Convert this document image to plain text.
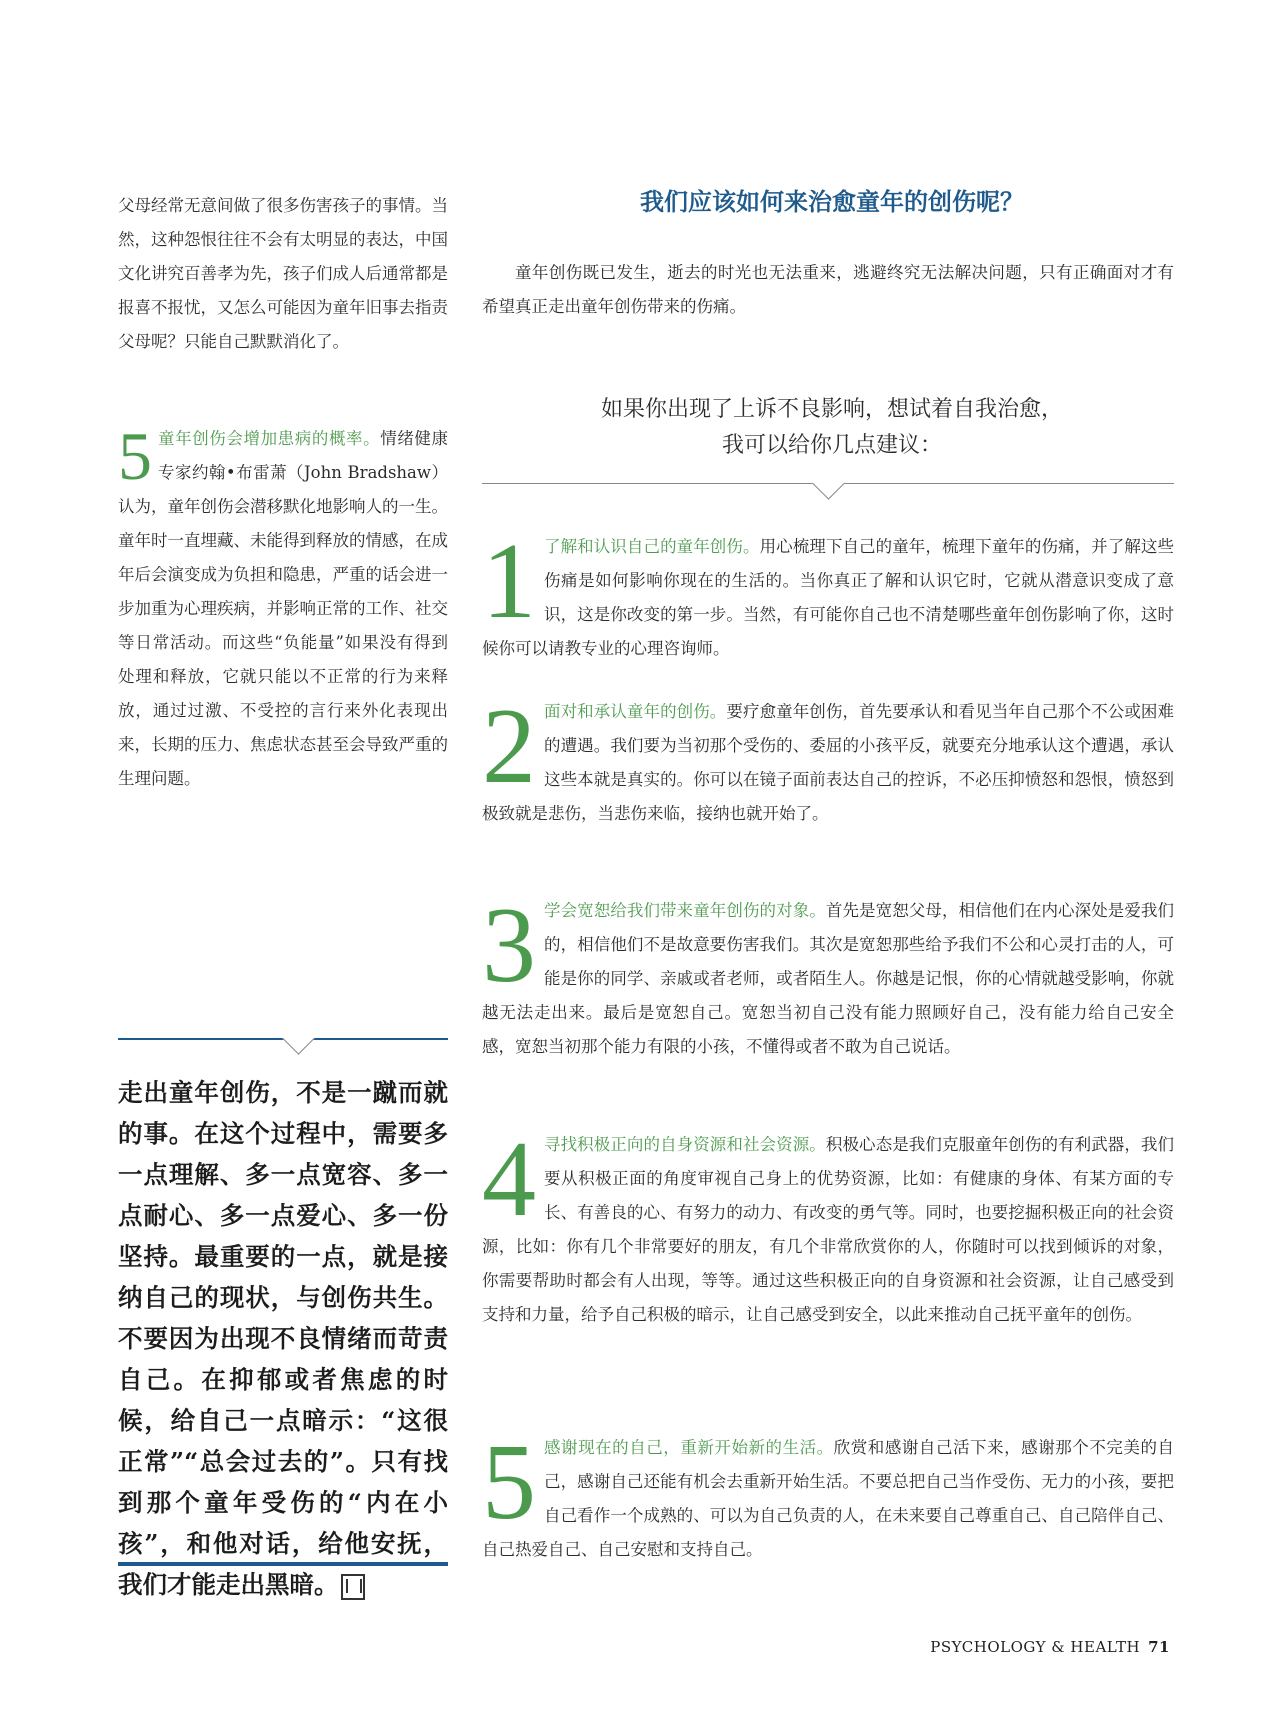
父母经常无意间做了很多伤害孩子的事情。当然，这种怨恨往往不会有太明显的表达，中国文化讲究百善孝为先，孩子们成人后通常都是报喜不报忧，又怎么可能因为童年旧事去指责父母呢？只能自己默默消化了。

5 童年创伤会增加患病的概率。情绪健康专家约翰•布雷萧（John Bradshaw）认为，童年创伤会潜移默化地影响人的一生。童年时一直埋藏、未能得到释放的情感，在成年后会演变成为负担和隐患，严重的话会进一步加重为心理疾病，并影响正常的工作、社交等日常活动。而这些“负能量”如果没有得到处理和释放，它就只能以不正常的行为来释放，通过过激、不受控的言行来外化表现出来，长期的压力、焦虑状态甚至会导致严重的生理问题。

走出童年创伤，不是一蹴而就的事。在这个过程中，需要多一点理解、多一点宽容、多一点耐心、多一点爱心、多一份坚持。最重要的一点，就是接纳自己的现状，与创伤共生。不要因为出现不良情绪而苛责自己。在抑郁或者焦虑的时候，给自己一点暗示：“这很正常”“总会过去的”。只有找到那个童年受伤的“内在小孩”，和他对话，给他安抚，我们才能走出黑暗。
我们应该如何来治愈童年的创伤呢？

童年创伤既已发生，逝去的时光也无法重来，逃避终究无法解决问题，只有正确面对才有希望真正走出童年创伤带来的伤痛。

如果你出现了上诉不良影响，想试着自我治愈，
我可以给你几点建议：

1 了解和认识自己的童年创伤。用心梳理下自己的童年，梳理下童年的伤痛，并了解这些伤痛是如何影响你现在的生活的。当你真正了解和认识它时，它就从潜意识变成了意识，这是你改变的第一步。当然，有可能你自己也不清楚哪些童年创伤影响了你，这时候你可以请教专业的心理咨询师。

2 面对和承认童年的创伤。要疗愈童年创伤，首先要承认和看见当年自己那个不公或困难的遭遇。我们要为当初那个受伤的、委屈的小孩平反，就要充分地承认这个遭遇，承认这些本就是真实的。你可以在镜子面前表达自己的控诉，不必压抑愤怒和怨恨，愤怒到极致就是悲伤，当悲伤来临，接纳也就开始了。

3 学会宽恕给我们带来童年创伤的对象。首先是宽恕父母，相信他们在内心深处是爱我们的，相信他们不是故意要伤害我们。其次是宽恕那些给予我们不公和心灵打击的人，可能是你的同学、亲戚或者老师，或者陌生人。你越是记恨，你的心情就越受影响，你就越无法走出来。最后是宽恕自己。宽恕当初自己没有能力照顾好自己，没有能力给自己安全感，宽恕当初那个能力有限的小孩，不懂得或者不敢为自己说话。

4 寻找积极正向的自身资源和社会资源。积极心态是我们克服童年创伤的有利武器，我们要从积极正面的角度审视自己身上的优势资源，比如：有健康的身体、有某方面的专长、有善良的心、有努力的动力、有改变的勇气等。同时，也要挖掘积极正向的社会资源，比如：你有几个非常要好的朋友，有几个非常欣赏你的人，你随时可以找到倾诉的对象，你需要帮助时都会有人出现，等等。通过这些积极正向的自身资源和社会资源，让自己感受到支持和力量，给予自己积极的暗示，让自己感受到安全，以此来推动自己抚平童年的创伤。

5 感谢现在的自己，重新开始新的生活。欣赏和感谢自己活下来，感谢那个不完美的自己，感谢自己还能有机会去重新开始生活。不要总把自己当作受伤、无力的小孩，要把自己看作一个成熟的、可以为自己负责的人，在未来要自己尊重自己、自己陪伴自己、自己热爱自己、自己安慰和支持自己。

PSYCHOLOGY & HEALTH 71
